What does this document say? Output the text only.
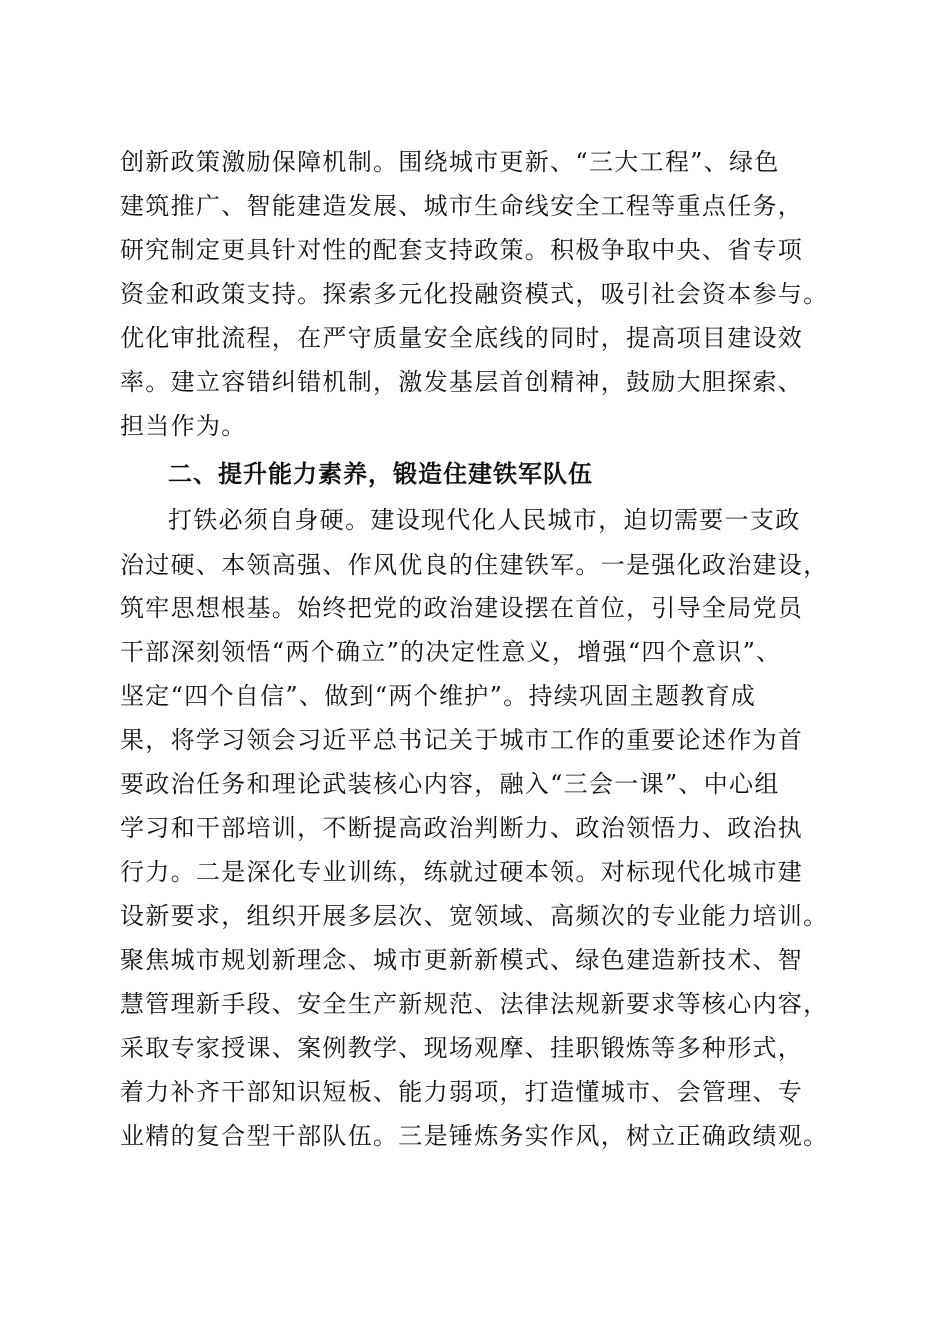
创新政策激励保障机制。围绕城市更新、“三大工程”、绿色
建筑推广、智能建造发展、城市生命线安全工程等重点任务，
研究制定更具针对性的配套支持政策。积极争取中央、省专项
资金和政策支持。探索多元化投融资模式，吸引社会资本参与。
优化审批流程，在严守质量安全底线的同时，提高项目建设效
率。建立容错纠错机制，激发基层首创精神，鼓励大胆探索、
担当作为。
二、提升能力素养，锻造住建铁军队伍
打铁必须自身硬。建设现代化人民城市，迫切需要一支政
治过硬、本领高强、作风优良的住建铁军。一是强化政治建设，
筑牢思想根基。始终把党的政治建设摆在首位，引导全局党员
干部深刻领悟“两个确立”的决定性意义，增强“四个意识”、
坚定“四个自信”、做到“两个维护”。持续巩固主题教育成
果，将学习领会习近平总书记关于城市工作的重要论述作为首
要政治任务和理论武装核心内容，融入“三会一课”、中心组
学习和干部培训，不断提高政治判断力、政治领悟力、政治执
行力。二是深化专业训练，练就过硬本领。对标现代化城市建
设新要求，组织开展多层次、宽领域、高频次的专业能力培训。
聚焦城市规划新理念、城市更新新模式、绿色建造新技术、智
慧管理新手段、安全生产新规范、法律法规新要求等核心内容，
采取专家授课、案例教学、现场观摩、挂职锻炼等多种形式，
着力补齐干部知识短板、能力弱项，打造懂城市、会管理、专
业精的复合型干部队伍。三是锤炼务实作风，树立正确政绩观。
